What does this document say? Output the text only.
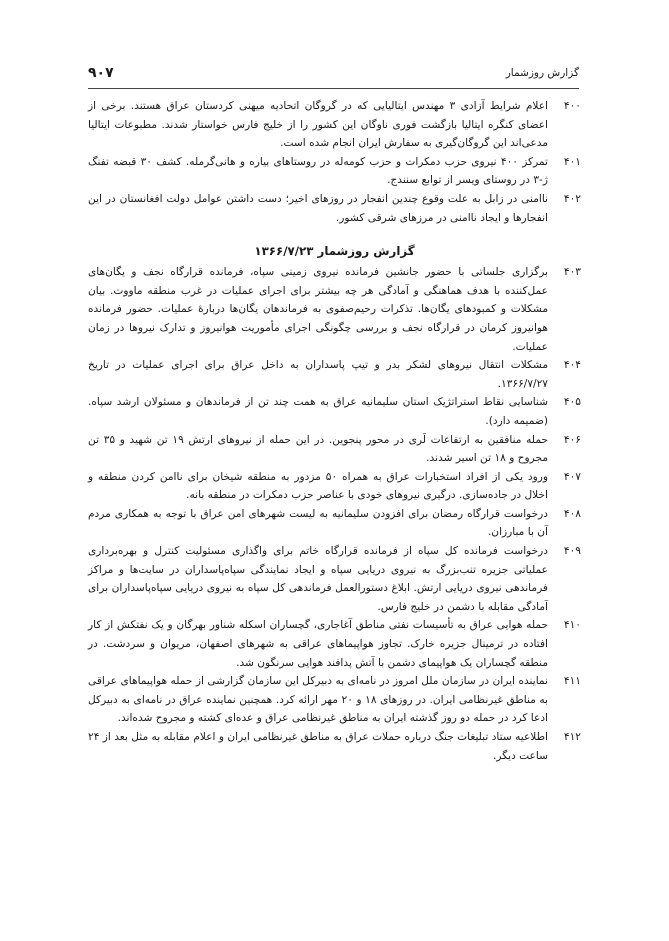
گزارش روزشمار
۹۰۷
۴۰۰
اعلام شرایط آزادی ۳ مهندس ایتالیایی که در گروگان اتحادیه میهنی کردستان عراق هستند. برخی از اعضای کنگره ایتالیا بازگشت فوری ناوگان این کشور را از خلیج فارس خواستار شدند. مطبوعات ایتالیا مدعی‌اند این گروگان‌گیری به سفارش ایران انجام شده است.
۴۰۱
تمرکز ۴۰۰ نیروی حزب دمکرات و حزب کومه‌له در روستاهای بیاره و هانی‌گرمله. کشف ۳۰ قبضه تفنگ ژ‑۳ در روستای ویسر از توابع سنندج.
۴۰۲
ناامنی در زابل به علت وقوع چندین انفجار در روزهای اخیر؛ دست داشتن عوامل دولت افغانستان در این انفجارها و ایجاد ناامنی در مرزهای شرقی کشور.
گزارش روزشمار ۱۳۶۶/۷/۲۳
۴۰۳
برگزاری جلساتی با حضور جانشین فرمانده نیروی زمینی سپاه، فرمانده قرارگاه نجف و یگان‌های عمل‌کننده با هدف هماهنگی و آمادگی هر چه بیشتر برای اجرای عملیات در غرب منطقه ماووت. بیان مشکلات و کمبودهای یگان‌ها. تذکرات رحیم‌صفوی به فرماندهان یگان‌ها دربارهٔ عملیات. حضور فرمانده هوانیروز کرمان در قرارگاه نجف و بررسی چگونگی اجرای مأموریت هوانیروز و تدارک نیروها در زمان عملیات.
۴۰۴
مشکلات انتقال نیروهای لشکر بدر و تیپ پاسداران به داخل عراق برای اجرای عملیات در تاریخ ۱۳۶۶/۷/۲۷.
۴۰۵
شناسایی نقاط استراتژیک استان سلیمانیه عراق به همت چند تن از فرماندهان و مسئولان ارشد سپاه. (ضمیمه دارد).
۴۰۶
حمله منافقین به ارتفاعات لَری در محور پنجوین. در این حمله از نیروهای ارتش ۱۹ تن شهید و ۳۵ تن مجروح و ۱۸ تن اسیر شدند.
۴۰۷
ورود یکی از افراد استخبارات عراق به همراه ۵۰ مزدور به منطقه شیخان برای ناامن کردن منطقه و اخلال در جاده‌سازی. درگیری نیروهای خودی با عناصر حزب دمکرات در منطقه بانه.
۴۰۸
درخواست قرارگاه رمضان برای افزودن سلیمانیه به لیست شهرهای امن عراق با توجه به همکاری مردم آن با مبارزان.
۴۰۹
درخواست فرمانده کل سپاه از فرمانده قرارگاه خاتم برای واگذاری مسئولیت کنترل و بهره‌برداری عملیاتی جزیره تنب‌بزرگ به نیروی دریایی سپاه و ایجاد نمایندگی سپاه‌پاسداران در سایت‌ها و مراکز فرماندهی نیروی دریایی ارتش. ابلاغ دستورالعمل فرماندهی کل سپاه به نیروی دریایی سپاه‌پاسداران برای آمادگی مقابله با دشمن در خلیج فارس.
۴۱۰
حمله هوایی عراق به تأسیسات نفتی مناطق آغاجاری، گچساران اسکله شناور بهرگان و یک نفتکش از کار افتاده در ترمینال جزیره خارک. تجاوز هواپیماهای عراقی به شهرهای اصفهان، مریوان و سردشت. در منطقه گچساران یک هواپیمای دشمن با آتش پدافند هوایی سرنگون شد.
۴۱۱
نماینده ایران در سازمان ملل امروز در نامه‌ای به دبیرکل این سازمان گزارشی از حمله هواپیماهای عراقی به مناطق غیرنظامی ایران. در روزهای ۱۸ و ۲۰ مهر ارائه کرد. همچنین نماینده عراق در نامه‌ای به دبیرکل ادعا کرد در حمله دو روز گذشته ایران به مناطق غیرنظامی عراق و عده‌ای کشته و مجروح شده‌اند.
۴۱۲
اطلاعیه ستاد تبلیغات جنگ درباره حملات عراق به مناطق غیرنظامی ایران و اعلام مقابله به مثل بعد از ۲۴ ساعت دیگر.
